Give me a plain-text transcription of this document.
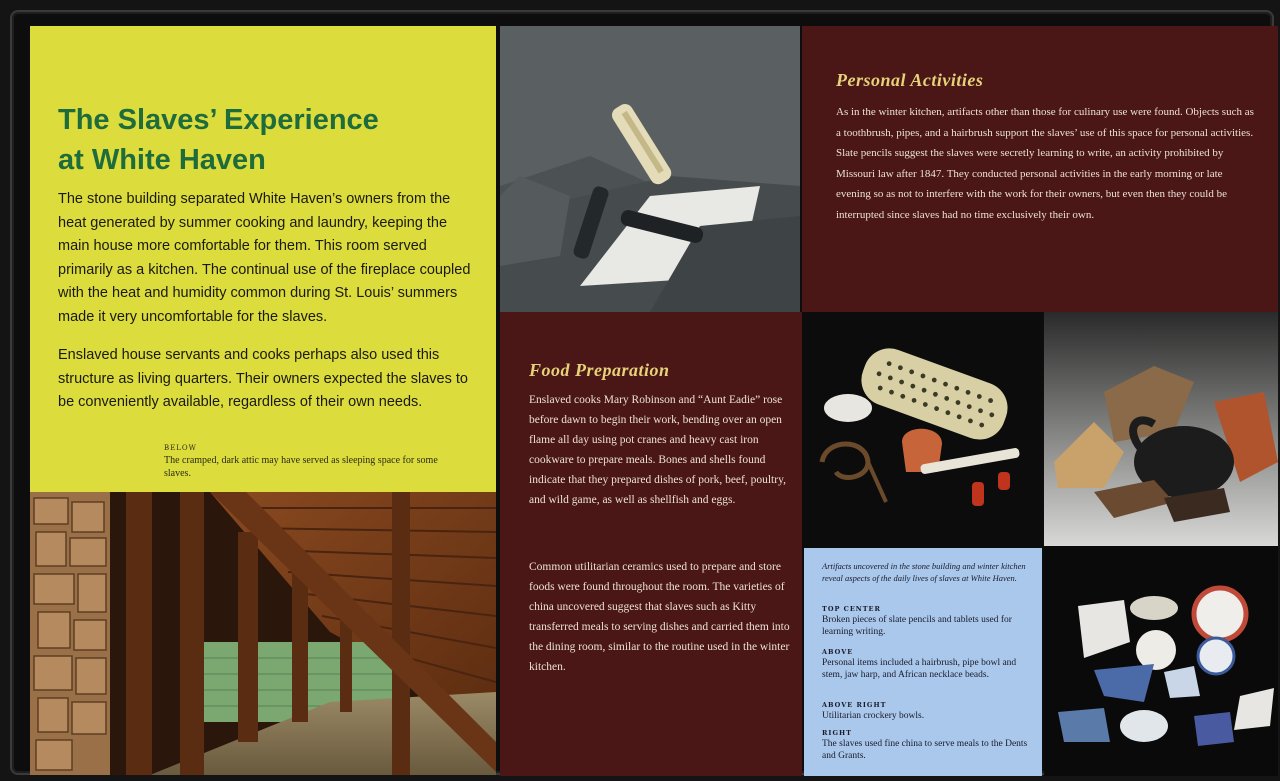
The Slaves’ Experience
at White Haven

The stone building separated White Haven’s owners from the heat generated by summer cooking and laundry, keeping the main house more comfortable for them. This room served primarily as a kitchen. The continual use of the fireplace coupled with the heat and humidity common during St. Louis’ summers made it very uncomfortable for the slaves.

Enslaved house servants and cooks perhaps also used this structure as living quarters. Their owners expected the slaves to be conveniently available, regardless of their own needs.

BELOW

The cramped, dark attic may have served as sleeping space for some slaves.

Personal Activities

As in the winter kitchen, artifacts other than those for culinary use were found. Objects such as a toothbrush, pipes, and a hairbrush support the slaves’ use of this space for personal activities. Slate pencils suggest the slaves were secretly learning to write, an activity prohibited by Missouri law after 1847. They conducted personal activities in the early morning or late evening so as not to interfere with the work for their owners, but even then they could be interrupted since slaves had no time exclusively their own.

Food Preparation

Enslaved cooks Mary Robinson and “Aunt Eadie” rose before dawn to begin their work, bending over an open flame all day using pot cranes and heavy cast iron cookware to prepare meals. Bones and shells found indicate that they prepared dishes of pork, beef, poultry, and wild game, as well as shellfish and eggs.

Common utilitarian ceramics used to prepare and store foods were found throughout the room. The varieties of china uncovered suggest that slaves such as Kitty transferred meals to serving dishes and carried them into the dining room, similar to the routine used in the winter kitchen.

Artifacts uncovered in the stone building and winter kitchen reveal aspects of the daily lives of slaves at White Haven.

TOP CENTER

Broken pieces of slate pencils and tablets used for learning writing.

ABOVE

Personal items included a hairbrush, pipe bowl and stem, jaw harp, and African necklace beads.

ABOVE RIGHT

Utilitarian crockery bowls.

RIGHT

The slaves used fine china to serve meals to the Dents and Grants.
